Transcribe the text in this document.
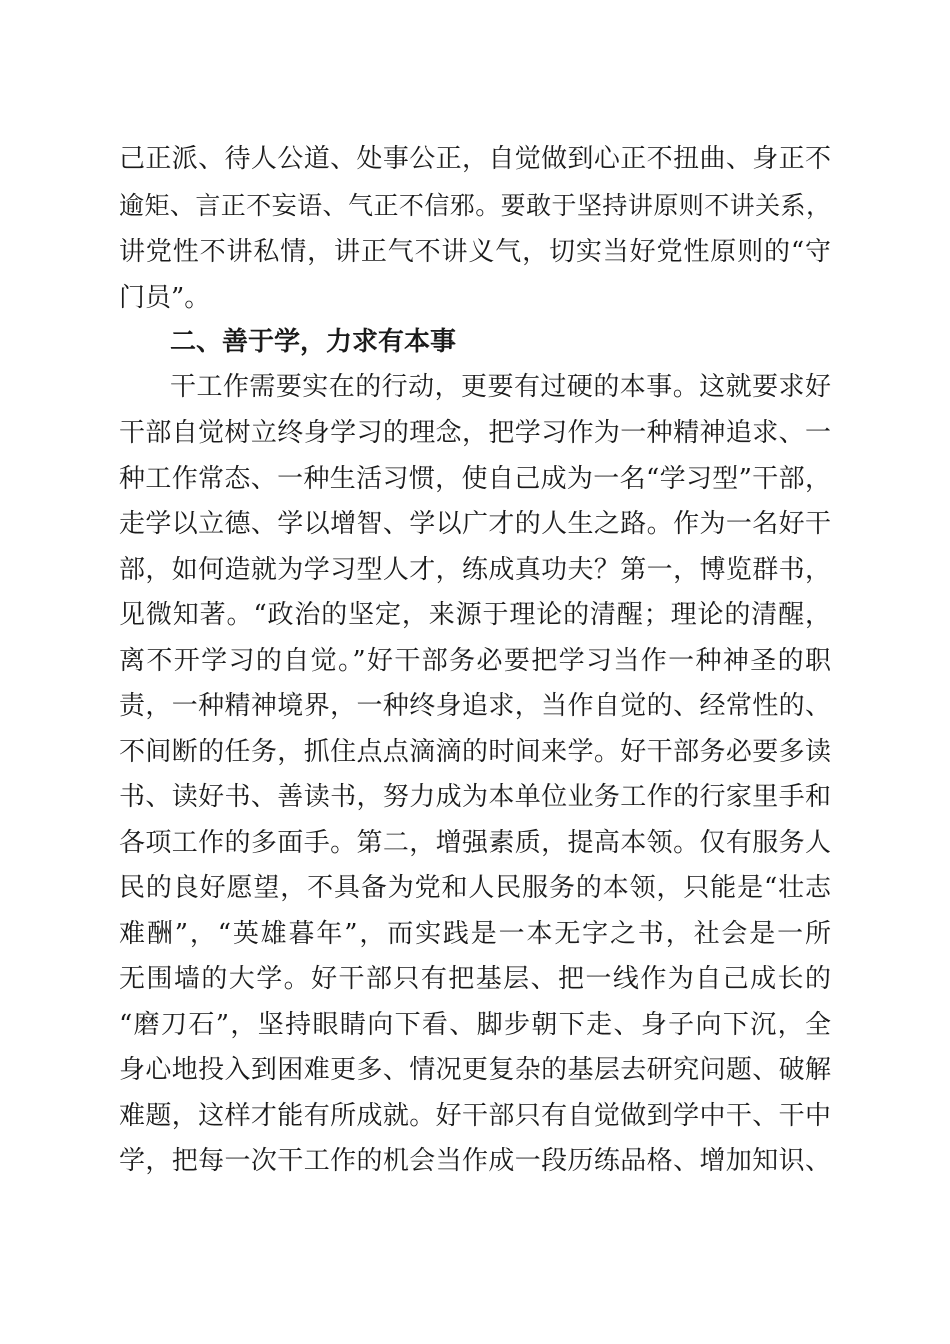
己正派、待人公道、处事公正，自觉做到心正不扭曲、身正不
逾矩、言正不妄语、气正不信邪。要敢于坚持讲原则不讲关系，
讲党性不讲私情，讲正气不讲义气，切实当好党性原则的“守
门员”。
二、善于学，力求有本事
干工作需要实在的行动，更要有过硬的本事。这就要求好
干部自觉树立终身学习的理念，把学习作为一种精神追求、一
种工作常态、一种生活习惯，使自己成为一名“学习型”干部，
走学以立德、学以增智、学以广才的人生之路。作为一名好干
部，如何造就为学习型人才，练成真功夫？第一，博览群书，
见微知著。“政治的坚定，来源于理论的清醒；理论的清醒，
离不开学习的自觉。”好干部务必要把学习当作一种神圣的职
责，一种精神境界，一种终身追求，当作自觉的、经常性的、
不间断的任务，抓住点点滴滴的时间来学。好干部务必要多读
书、读好书、善读书，努力成为本单位业务工作的行家里手和
各项工作的多面手。第二，增强素质，提高本领。仅有服务人
民的良好愿望，不具备为党和人民服务的本领，只能是“壮志
难酬”，“英雄暮年”，而实践是一本无字之书，社会是一所
无围墙的大学。好干部只有把基层、把一线作为自己成长的
“磨刀石”，坚持眼睛向下看、脚步朝下走、身子向下沉，全
身心地投入到困难更多、情况更复杂的基层去研究问题、破解
难题，这样才能有所成就。好干部只有自觉做到学中干、干中
学，把每一次干工作的机会当作成一段历练品格、增加知识、
